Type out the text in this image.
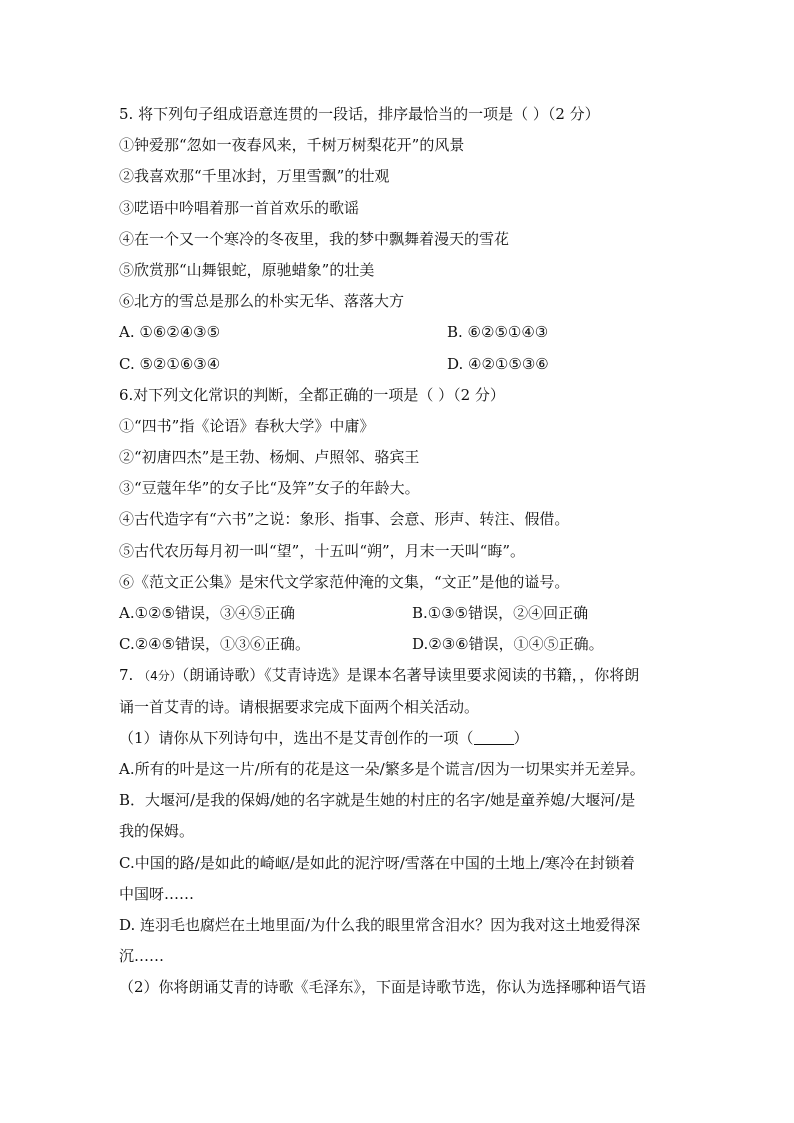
5. 将下列句子组成语意连贯的一段话，排序最恰当的一项是（ ）（2 分）
①钟爱那“忽如一夜春风来，千树万树梨花开”的风景
②我喜欢那“千里冰封，万里雪飘”的壮观
③呓语中吟唱着那一首首欢乐的歌谣
④在一个又一个寒冷的冬夜里，我的梦中飘舞着漫天的雪花
⑤欣赏那“山舞银蛇，原驰蜡象”的壮美
⑥北方的雪总是那么的朴实无华、落落大方
A. ①⑥②④③⑤	B. ⑥②⑤①④③
C. ⑤②①⑥③④	D. ④②①⑤③⑥
6.对下列文化常识的判断，全都正确的一项是（ ）（2 分）
①“四书”指《论语》春秋大学》中庸》
②“初唐四杰”是王勃、杨炯、卢照邻、骆宾王
③“豆蔻年华”的女子比“及笄”女子的年龄大。
④古代造字有“六书”之说：象形、指事、会意、形声、转注、假借。
⑤古代农历每月初一叫“望”，十五叫“朔”，月末一天叫“晦”。
⑥《范文正公集》是宋代文学家范仲淹的文集，“文正”是他的谥号。
A.①②⑤错误，③④⑤正确	B.①③⑤错误，②④回正确
C.②④⑤错误，①③⑥正确。	D.②③⑥错误，①④⑤正确。
7. （4分）（朗诵诗歌）《艾青诗选》是课本名著导读里要求阅读的书籍，，你将朗
诵一首艾青的诗。请根据要求完成下面两个相关活动。
（1）请你从下列诗句中，选出不是艾青创作的一项（	）
A.所有的叶是这一片/所有的花是这一朵/繁多是个谎言/因为一切果实并无差异。
B．大堰河/是我的保姆/她的名字就是生她的村庄的名字/她是童养媳/大堰河/是
我的保姆。
C.中国的路/是如此的崎岖/是如此的泥泞呀/雪落在中国的土地上/寒冷在封锁着
中国呀……
D. 连羽毛也腐烂在土地里面/为什么我的眼里常含泪水？因为我对这土地爱得深
沉……
（2）你将朗诵艾青的诗歌《毛泽东》，下面是诗歌节选，你认为选择哪种语气语
